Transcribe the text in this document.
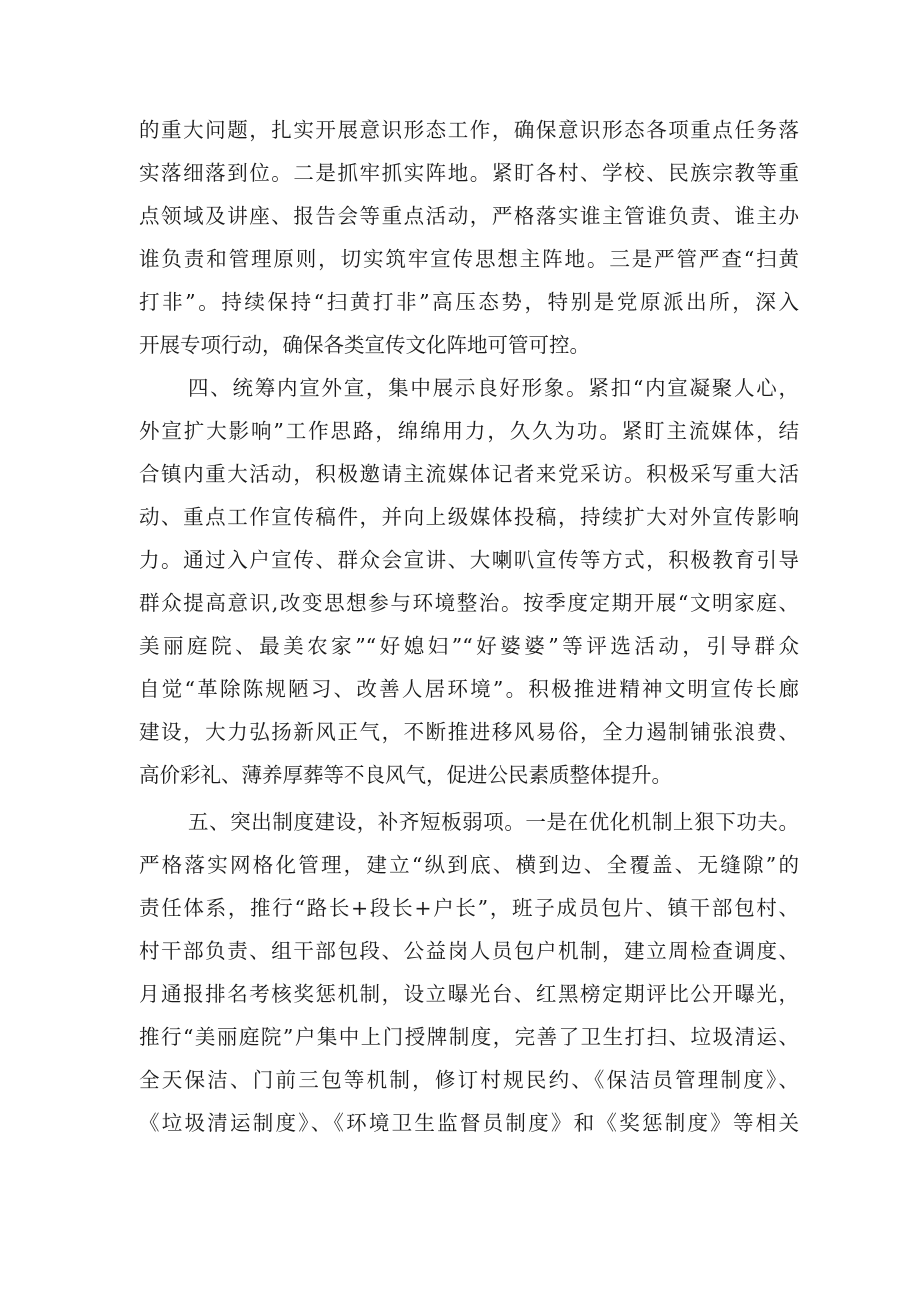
的重大问题，扎实开展意识形态工作，确保意识形态各项重点任务落
实落细落到位。二是抓牢抓实阵地。紧盯各村、学校、民族宗教等重
点领域及讲座、报告会等重点活动，严格落实谁主管谁负责、谁主办
谁负责和管理原则，切实筑牢宣传思想主阵地。三是严管严查“扫黄
打非”。持续保持“扫黄打非”高压态势，特别是党原派出所，深入
开展专项行动，确保各类宣传文化阵地可管可控。
四、统筹内宣外宣，集中展示良好形象。紧扣“内宣凝聚人心，
外宣扩大影响”工作思路，绵绵用力，久久为功。紧盯主流媒体，结
合镇内重大活动，积极邀请主流媒体记者来党采访。积极采写重大活
动、重点工作宣传稿件，并向上级媒体投稿，持续扩大对外宣传影响
力。通过入户宣传、群众会宣讲、大喇叭宣传等方式，积极教育引导
群众提高意识,改变思想参与环境整治。按季度定期开展“文明家庭、
美丽庭院、最美农家”“好媳妇”“好婆婆”等评选活动，引导群众
自觉“革除陈规陋习、改善人居环境”。积极推进精神文明宣传长廊
建设，大力弘扬新风正气，不断推进移风易俗，全力遏制铺张浪费、
高价彩礼、薄养厚葬等不良风气，促进公民素质整体提升。
五、突出制度建设，补齐短板弱项。一是在优化机制上狠下功夫。
严格落实网格化管理，建立“纵到底、横到边、全覆盖、无缝隙”的
责任体系，推行“路长+段长+户长”，班子成员包片、镇干部包村、
村干部负责、组干部包段、公益岗人员包户机制，建立周检查调度、
月通报排名考核奖惩机制，设立曝光台、红黑榜定期评比公开曝光，
推行“美丽庭院”户集中上门授牌制度，完善了卫生打扫、垃圾清运、
全天保洁、门前三包等机制，修订村规民约、《保洁员管理制度》、
《垃圾清运制度》、《环境卫生监督员制度》和《奖惩制度》等相关
